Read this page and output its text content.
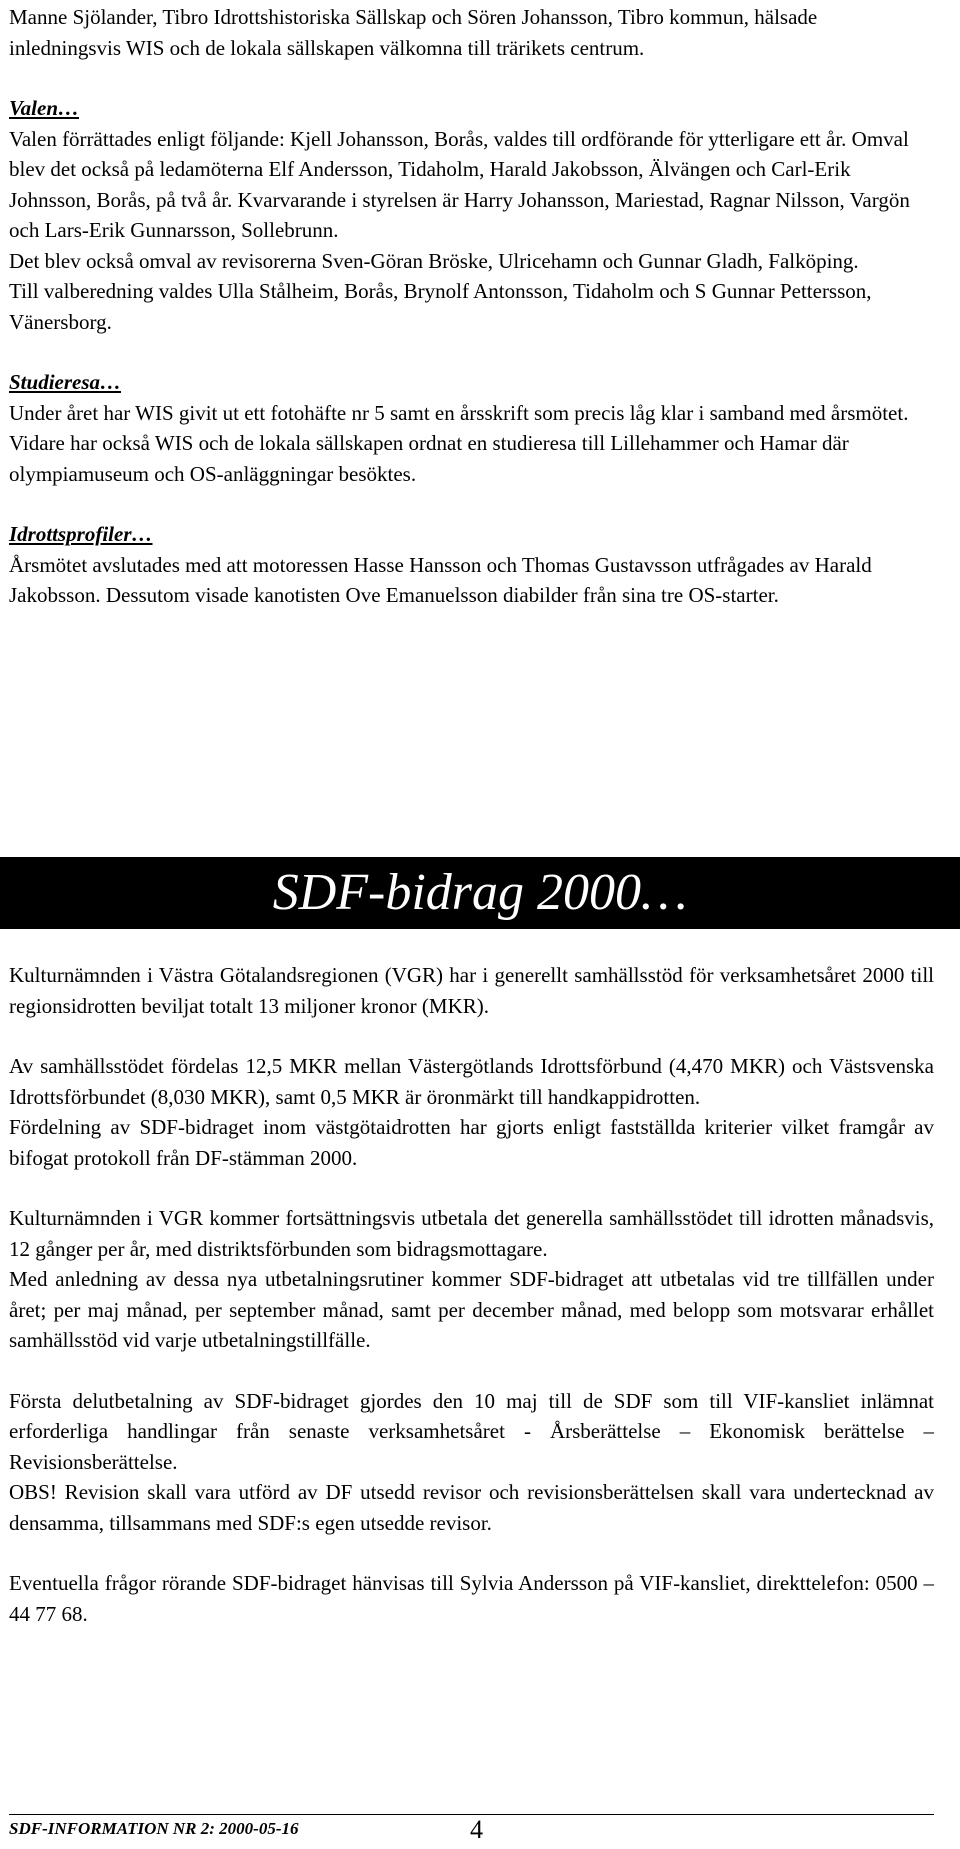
Manne Sjölander, Tibro Idrottshistoriska Sällskap och Sören Johansson, Tibro kommun, hälsade inledningsvis WIS och de lokala sällskapen välkomna till trärikets centrum.

Valen…

Valen förrättades enligt följande: Kjell Johansson, Borås, valdes till ordförande för ytterligare ett år. Omval blev det också på ledamöterna Elf Andersson, Tidaholm, Harald Jakobsson, Älvängen och Carl-Erik Johnsson, Borås, på två år. Kvarvarande i styrelsen är Harry Johansson, Mariestad, Ragnar Nilsson, Vargön och Lars-Erik Gunnarsson, Sollebrunn.

Det blev också omval av revisorerna Sven-Göran Bröske, Ulricehamn och Gunnar Gladh, Falköping.

Till valberedning valdes Ulla Stålheim, Borås, Brynolf Antonsson, Tidaholm och S Gunnar Pettersson, Vänersborg.

Studieresa…

Under året har WIS givit ut ett fotohäfte nr 5 samt en årsskrift som precis låg klar i samband med årsmötet. Vidare har också WIS och de lokala sällskapen ordnat en studieresa till Lillehammer och Hamar där olympiamuseum och OS-anläggningar besöktes.

Idrottsprofiler…

Årsmötet avslutades med att motoressen Hasse Hansson och Thomas Gustavsson utfrågades av Harald Jakobsson. Dessutom visade kanotisten Ove Emanuelsson diabilder från sina tre OS-starter.

SDF-bidrag 2000…

Kulturnämnden i Västra Götalandsregionen (VGR) har i generellt samhällsstöd för verksamhetsåret 2000 till regionsidrotten beviljat totalt 13 miljoner kronor (MKR).

Av samhällsstödet fördelas 12,5 MKR mellan Västergötlands Idrottsförbund (4,470 MKR) och Västsvenska Idrottsförbundet (8,030 MKR), samt 0,5 MKR är öronmärkt till handkappidrotten.

Fördelning av SDF-bidraget inom västgötaidrotten har gjorts enligt fastställda kriterier vilket framgår av bifogat protokoll från DF-stämman 2000.

Kulturnämnden i VGR kommer fortsättningsvis utbetala det generella samhällsstödet till idrotten månadsvis, 12 gånger per år, med distriktsförbunden som bidragsmottagare.

Med anledning av dessa nya utbetalningsrutiner kommer SDF-bidraget att utbetalas vid tre tillfällen under året; per maj månad, per september månad, samt per december månad, med belopp som motsvarar erhållet samhällsstöd vid varje utbetalningstillfälle.

Första delutbetalning av SDF-bidraget gjordes den 10 maj till de SDF som till VIF-kansliet inlämnat erforderliga handlingar från senaste verksamhetsåret - Årsberättelse – Ekonomisk berättelse – Revisionsberättelse.

OBS! Revision skall vara utförd av DF utsedd revisor och revisionsberättelsen skall vara undertecknad av densamma, tillsammans med SDF:s egen utsedde revisor.

Eventuella frågor rörande SDF-bidraget hänvisas till Sylvia Andersson på VIF-kansliet, direkttelefon: 0500 – 44 77 68.

SDF-INFORMATION NR 2: 2000-05-16	4
